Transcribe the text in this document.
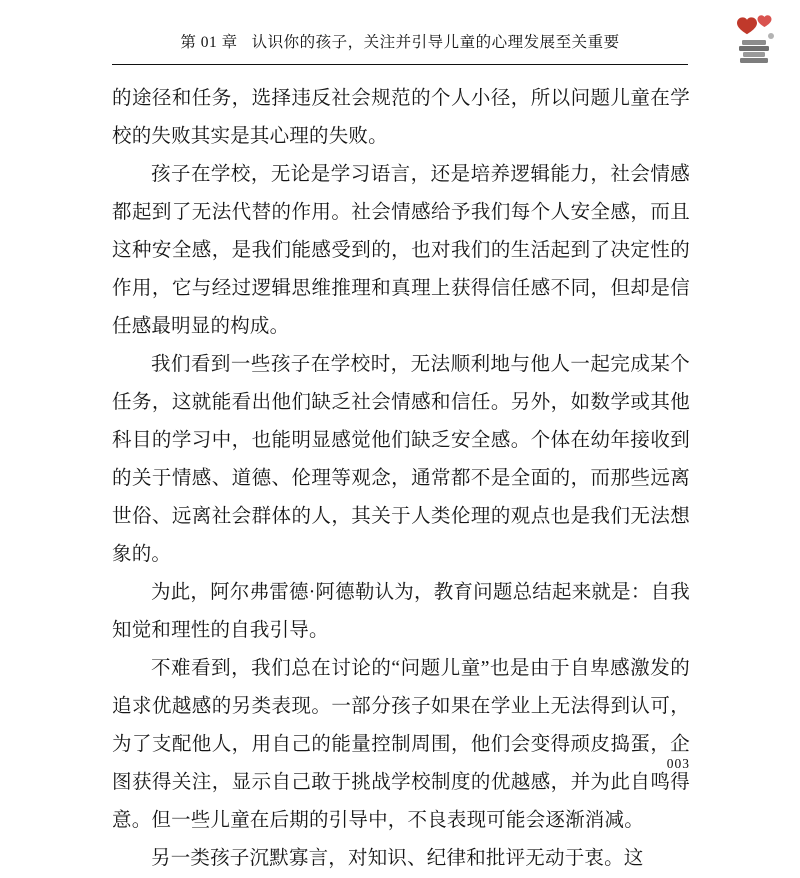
第 01 章 认识你的孩子，关注并引导儿童的心理发展至关重要

的途径和任务，选择违反社会规范的个人小径，所以问题儿童在学校的失败其实是其心理的失败。

孩子在学校，无论是学习语言，还是培养逻辑能力，社会情感都起到了无法代替的作用。社会情感给予我们每个人安全感，而且这种安全感，是我们能感受到的，也对我们的生活起到了决定性的作用，它与经过逻辑思维推理和真理上获得信任感不同，但却是信任感最明显的构成。

我们看到一些孩子在学校时，无法顺利地与他人一起完成某个任务，这就能看出他们缺乏社会情感和信任。另外，如数学或其他科目的学习中，也能明显感觉他们缺乏安全感。个体在幼年接收到的关于情感、道德、伦理等观念，通常都不是全面的，而那些远离世俗、远离社会群体的人，其关于人类伦理的观点也是我们无法想象的。

为此，阿尔弗雷德·阿德勒认为，教育问题总结起来就是：自我知觉和理性的自我引导。

不难看到，我们总在讨论的“问题儿童”也是由于自卑感激发的追求优越感的另类表现。一部分孩子如果在学业上无法得到认可，为了支配他人，用自己的能量控制周围，他们会变得顽皮捣蛋，企图获得关注，显示自己敢于挑战学校制度的优越感，并为此自鸣得意。但一些儿童在后期的引导中，不良表现可能会逐渐消减。

另一类孩子沉默寡言，对知识、纪律和批评无动于衷。这

003
